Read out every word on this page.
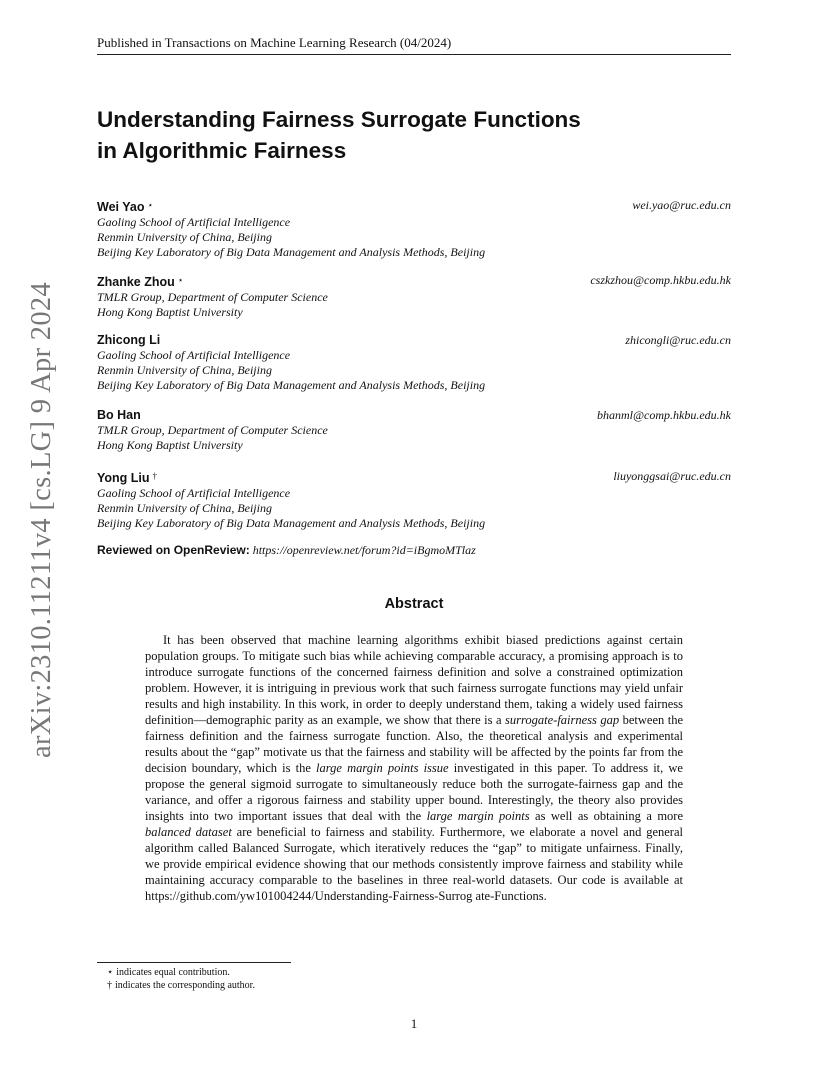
Published in Transactions on Machine Learning Research (04/2024)
arXiv:2310.11211v4 [cs.LG] 9 Apr 2024
Understanding Fairness Surrogate Functions
in Algorithmic Fairness
Wei Yao ⋆	wei.yao@ruc.edu.cn
Gaoling School of Artificial Intelligence
Renmin University of China, Beijing
Beijing Key Laboratory of Big Data Management and Analysis Methods, Beijing
Zhanke Zhou ⋆	cszkzhou@comp.hkbu.edu.hk
TMLR Group, Department of Computer Science
Hong Kong Baptist University
Zhicong Li	zhicongli@ruc.edu.cn
Gaoling School of Artificial Intelligence
Renmin University of China, Beijing
Beijing Key Laboratory of Big Data Management and Analysis Methods, Beijing
Bo Han	bhanml@comp.hkbu.edu.hk
TMLR Group, Department of Computer Science
Hong Kong Baptist University
Yong Liu †	liuyonggsai@ruc.edu.cn
Gaoling School of Artificial Intelligence
Renmin University of China, Beijing
Beijing Key Laboratory of Big Data Management and Analysis Methods, Beijing
Reviewed on OpenReview: https://openreview.net/forum?id=iBgmoMTlaz
Abstract

It has been observed that machine learning algorithms exhibit biased predictions against certain population groups. To mitigate such bias while achieving comparable accuracy, a promising approach is to introduce surrogate functions of the concerned fairness definition and solve a constrained optimization problem. However, it is intriguing in previous work that such fairness surrogate functions may yield unfair results and high instability. In this work, in order to deeply understand them, taking a widely used fairness definition—demographic parity as an example, we show that there is a surrogate-fairness gap between the fairness definition and the fairness surrogate function. Also, the theoretical analysis and experimental results about the “gap” motivate us that the fairness and stability will be affected by the points far from the decision boundary, which is the large margin points issue investigated in this paper. To address it, we propose the general sigmoid surrogate to simultaneously reduce both the surrogate-fairness gap and the variance, and offer a rigorous fairness and stability upper bound. Interestingly, the theory also provides insights into two important issues that deal with the large margin points as well as obtaining a more balanced dataset are beneficial to fairness and stability. Furthermore, we elaborate a novel and general algorithm called Balanced Surrogate, which iteratively reduces the “gap” to mitigate unfairness. Finally, we provide empirical evidence showing that our methods consistently improve fairness and stability while maintaining accuracy comparable to the baselines in three real-world datasets. Our code is available at https://github.com/yw101004244/Understanding-Fairness-Surrog ate-Functions.

⋆ indicates equal contribution.
† indicates the corresponding author.
1
